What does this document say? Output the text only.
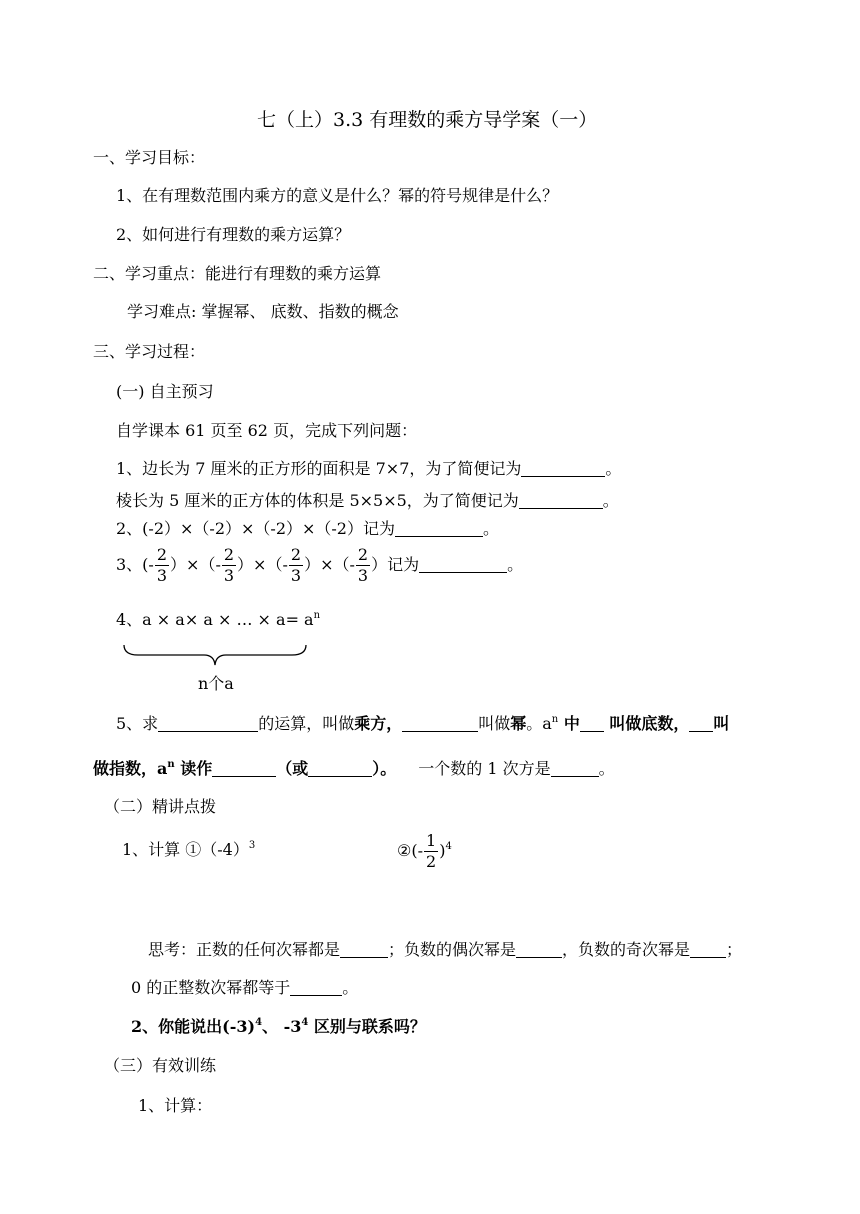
七（上）3.3 有理数的乘方导学案（一）
一、学习目标：
1、在有理数范围内乘方的意义是什么？幂的符号规律是什么？
2、如何进行有理数的乘方运算？
二、学习重点：能进行有理数的乘方运算
学习难点: 掌握幂、 底数、指数的概念
三、学习过程：
(一) 自主预习
自学课本 61 页至 62 页，完成下列问题：
1、边长为 7 厘米的正方形的面积是 7×7，为了简便记为	。
棱长为 5 厘米的正方体的体积是 5×5×5，为了简便记为	。
2、(-2）×（-2）×（-2）×（-2）记为	。
3、(- $\frac{2}{3}$ ）×（- $\frac{2}{3}$ ）×（- $\frac{2}{3}$ ）×（- $\frac{2}{3}$ ）记为	。
4、a × a× a × … × $a= a^n$
n个a
5、求	的运算，叫做乘方，	叫做幂。$a^n$ 中 叫做底数， 叫
做指数，$a^n$ 读作	（或	）。 一个数的 1 次方是	。
（二）精讲点拨
1、计算 $①(-4)^3$	②(- $\frac{1}{2} )^4$
思考：正数的任何次幂都是	；负数的偶次幂是	，负数的奇次幂是 ；
0 的正整数次幂都等于	。
2、你能说出$(-3)^4$、 $-3^4$ 区别与联系吗？
（三）有效训练
1、计算：
